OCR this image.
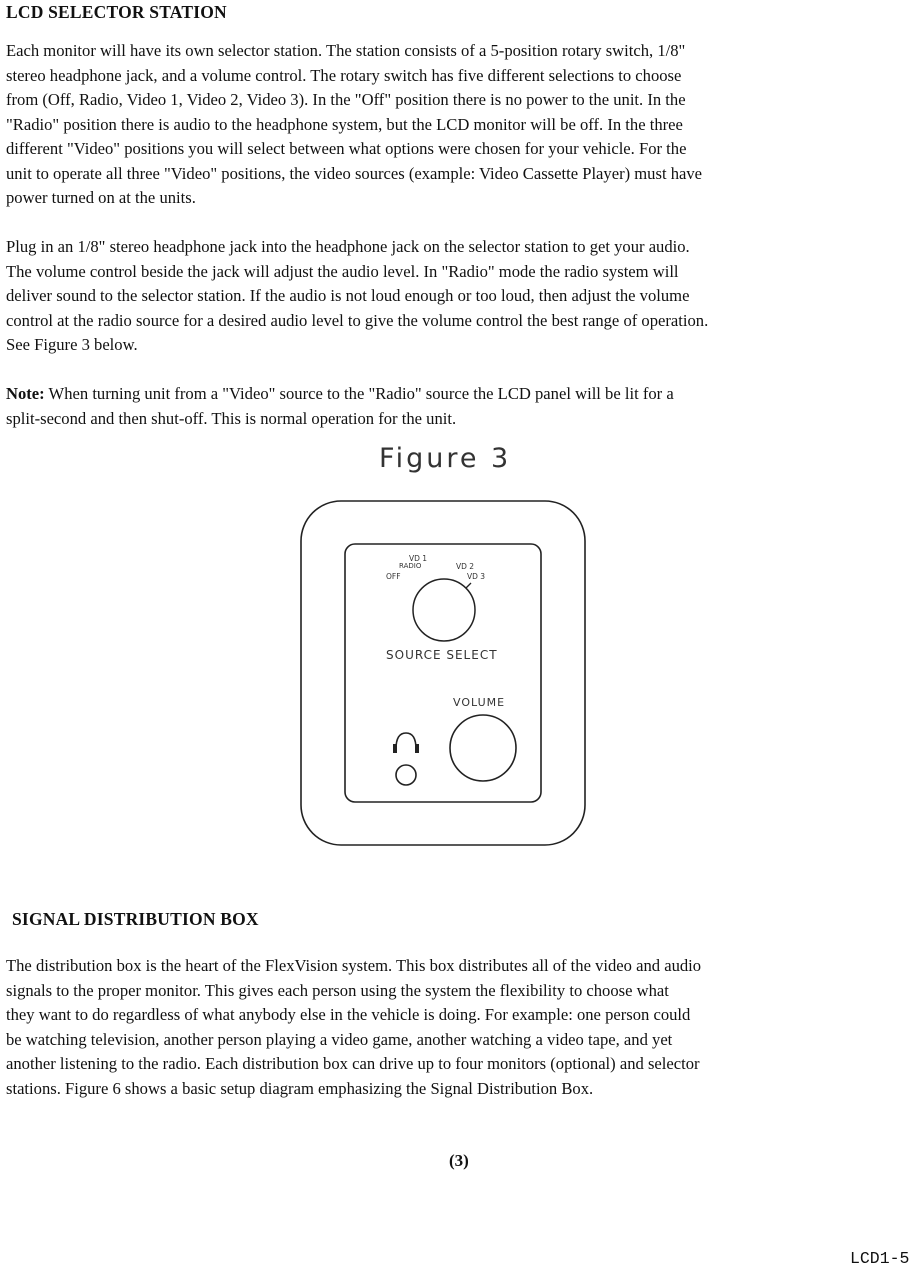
LCD SELECTOR STATION

Each monitor will have its own selector station. The station consists of a 5-position rotary switch, 1/8"
stereo headphone jack, and a volume control. The rotary switch has five different selections to choose
from (Off, Radio, Video 1, Video 2, Video 3). In the "Off" position there is no power to the unit. In the
"Radio" position there is audio to the headphone system, but the LCD monitor will be off. In the three
different "Video" positions you will select between what options were chosen for your vehicle. For the
unit to operate all three "Video" positions, the video sources (example: Video Cassette Player) must have
power turned on at the units.

Plug in an 1/8" stereo headphone jack into the headphone jack on the selector station to get your audio.
The volume control beside the jack will adjust the audio level. In "Radio" mode the radio system will
deliver sound to the selector station. If the audio is not loud enough or too loud, then adjust the volume
control at the radio source for a desired audio level to give the volume control the best range of operation.
See Figure 3 below.

Note: When turning unit from a "Video" source to the "Radio" source the LCD panel will be lit for a
split-second and then shut-off. This is normal operation for the unit.

Figure 3
VD 1
RADIO	VD 2
OFF	VD 3
SOURCE SELECT
VOLUME
SIGNAL DISTRIBUTION BOX

The distribution box is the heart of the FlexVision system. This box distributes all of the video and audio
signals to the proper monitor. This gives each person using the system the flexibility to choose what
they want to do regardless of what anybody else in the vehicle is doing. For example: one person could
be watching television, another person playing a video game, another watching a video tape, and yet
another listening to the radio. Each distribution box can drive up to four monitors (optional) and selector
stations. Figure 6 shows a basic setup diagram emphasizing the Signal Distribution Box.

(3)
LCD1-5
